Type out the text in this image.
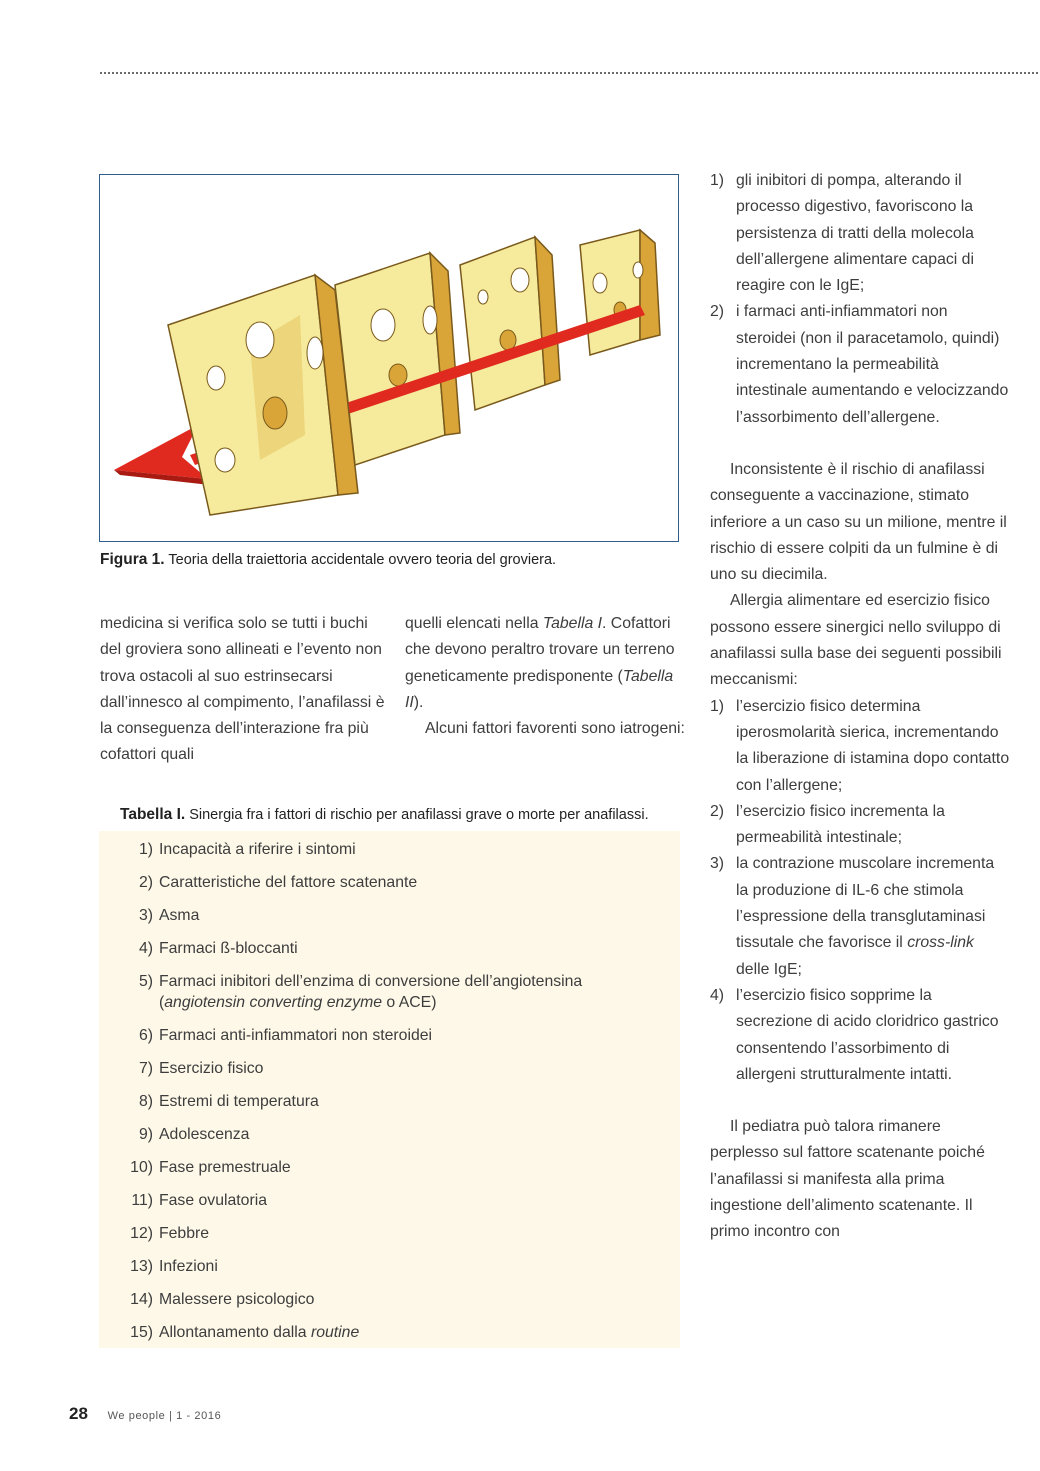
Figura 1. Teoria della traiettoria accidentale ovvero teoria del groviera.

medicina si verifica solo se tutti i buchi del groviera sono allineati e l’evento non trova ostacoli al suo estrinsecarsi dall’innesco al compimento, l’anafilassi è la conseguenza dell’interazione fra più cofattori quali

quelli elencati nella Tabella I. Cofattori che devono peraltro trovare un terreno geneticamente predisponente (Tabella II).

Alcuni fattori favorenti sono iatrogeni:

1) gli inibitori di pompa, alterando il processo digestivo, favoriscono la persistenza di tratti della molecola dell’allergene alimentare capaci di reagire con le IgE;
2) i farmaci anti-infiammatori non steroidei (non il paracetamolo, quindi) incrementano la permeabilità intestinale aumentando e velocizzando l’assorbimento dell’allergene.

Inconsistente è il rischio di anafilassi conseguente a vaccinazione, stimato inferiore a un caso su un milione, mentre il rischio di essere colpiti da un fulmine è di uno su diecimila.

Allergia alimentare ed esercizio fisico possono essere sinergici nello sviluppo di anafilassi sulla base dei seguenti possibili meccanismi:

1) l’esercizio fisico determina iperosmolarità sierica, incrementando la liberazione di istamina dopo contatto con l’allergene;
2) l’esercizio fisico incrementa la permeabilità intestinale;
3) la contrazione muscolare incrementa la produzione di IL-6 che stimola l’espressione della transglutaminasi tissutale che favorisce il cross-link delle IgE;
4) l’esercizio fisico sopprime la secrezione di acido cloridrico gastrico consentendo l’assorbimento di allergeni strutturalmente intatti.

Il pediatra può talora rimanere perplesso sul fattore scatenante poiché l’anafilassi si manifesta alla prima ingestione dell’alimento scatenante. Il primo incontro con

Tabella I. Sinergia fra i fattori di rischio per anafilassi grave o morte per anafilassi.
1) Incapacità a riferire i sintomi
2) Caratteristiche del fattore scatenante
3) Asma
4) Farmaci ß-bloccanti
5) Farmaci inibitori dell’enzima di conversione dell’angiotensina
(angiotensin converting enzyme o ACE)
6) Farmaci anti-infiammatori non steroidei
7) Esercizio fisico
8) Estremi di temperatura
9) Adolescenza
10) Fase premestruale
11) Fase ovulatoria
12) Febbre
13) Infezioni
14) Malessere psicologico
15) Allontanamento dalla routine
28 We people | 1 - 2016
